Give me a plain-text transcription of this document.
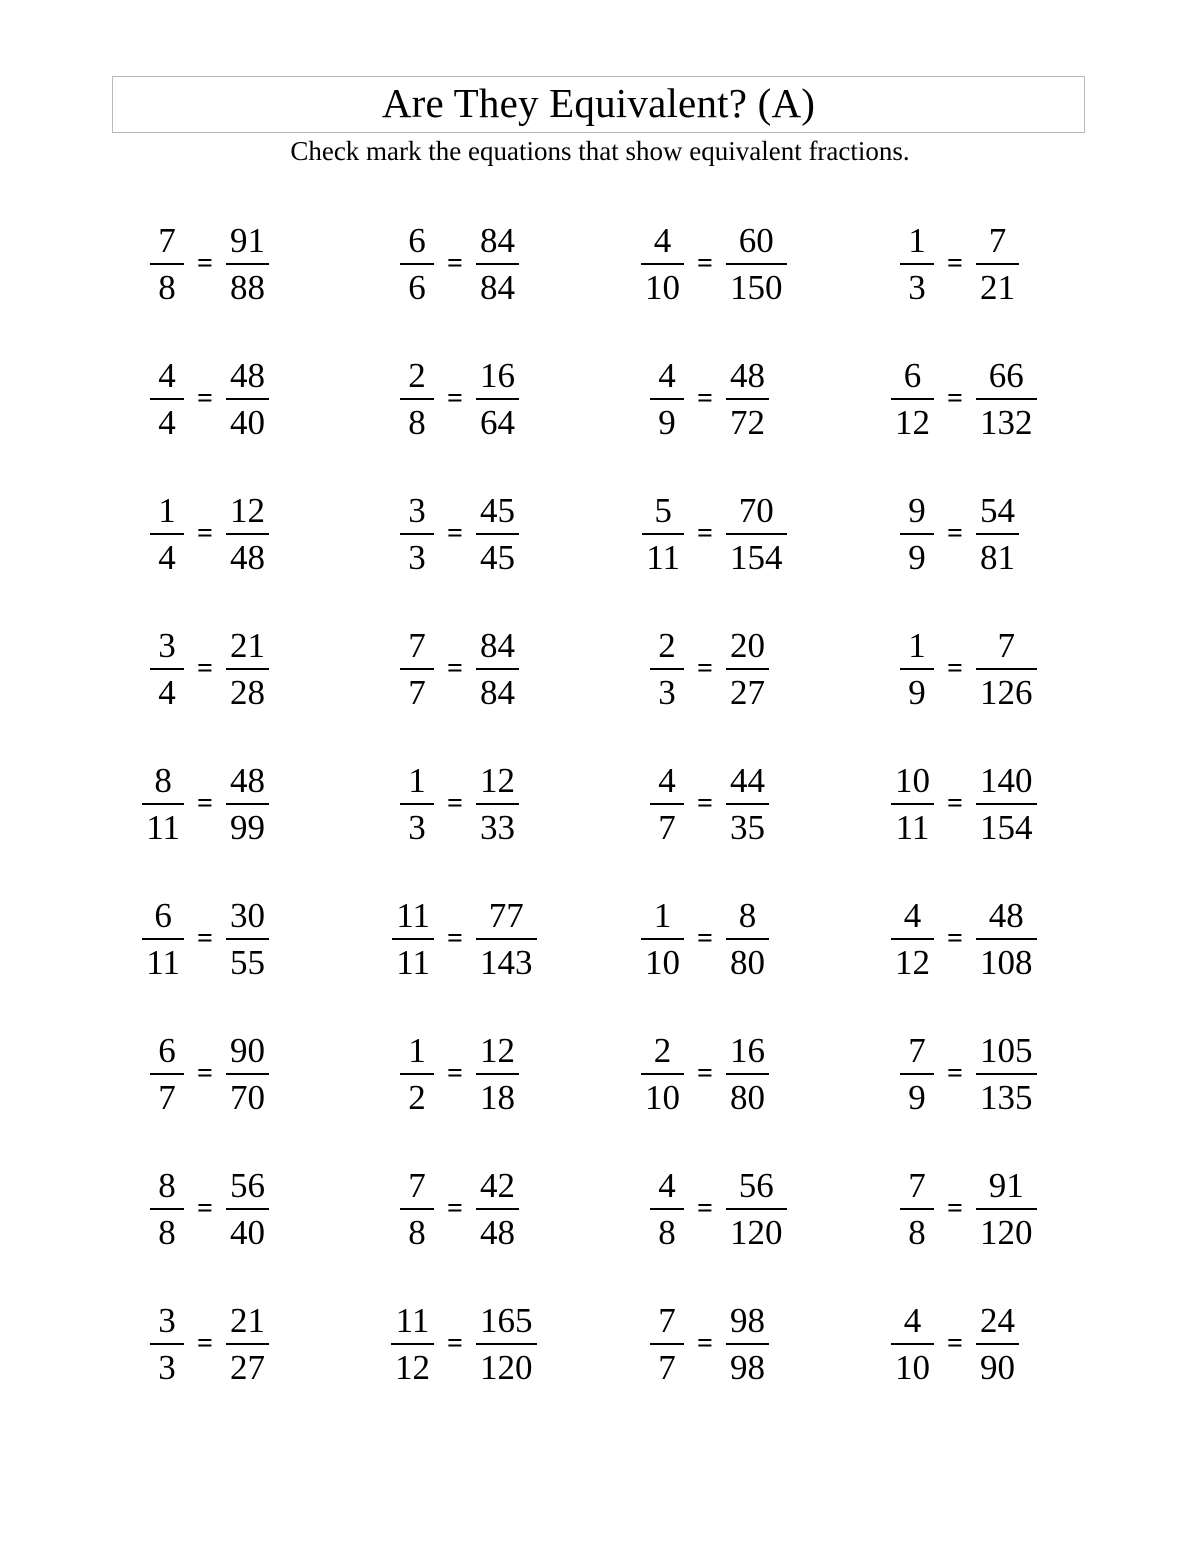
Are They Equivalent? (A)
Check mark the equations that show equivalent fractions.
$\frac{7}{8} = \frac{91}{88}$	$\frac{6}{6} = \frac{84}{84}$	$\frac{4}{10} = \frac{60}{150}$	$\frac{1}{3} = \frac{7}{21}$
$\frac{4}{4} = \frac{48}{40}$	$\frac{2}{8} = \frac{16}{64}$	$\frac{4}{9} = \frac{48}{72}$	$\frac{6}{12} = \frac{66}{132}$
$\frac{1}{4} = \frac{12}{48}$	$\frac{3}{3} = \frac{45}{45}$	$\frac{5}{11} = \frac{70}{154}$	$\frac{9}{9} = \frac{54}{81}$
$\frac{3}{4} = \frac{21}{28}$	$\frac{7}{7} = \frac{84}{84}$	$\frac{2}{3} = \frac{20}{27}$	$\frac{1}{9} = \frac{7}{126}$
$\frac{8}{11} = \frac{48}{99}$	$\frac{1}{3} = \frac{12}{33}$	$\frac{4}{7} = \frac{44}{35}$	$\frac{10}{11} = \frac{140}{154}$
$\frac{6}{11} = \frac{30}{55}$	$\frac{11}{11} = \frac{77}{143}$	$\frac{1}{10} = \frac{8}{80}$	$\frac{4}{12} = \frac{48}{108}$
$\frac{6}{7} = \frac{90}{70}$	$\frac{1}{2} = \frac{12}{18}$	$\frac{2}{10} = \frac{16}{80}$	$\frac{7}{9} = \frac{105}{135}$
$\frac{8}{8} = \frac{56}{40}$	$\frac{7}{8} = \frac{42}{48}$	$\frac{4}{8} = \frac{56}{120}$	$\frac{7}{8} = \frac{91}{120}$
$\frac{3}{3} = \frac{21}{27}$	$\frac{11}{12} = \frac{165}{120}$	$\frac{7}{7} = \frac{98}{98}$	$\frac{4}{10} = \frac{24}{90}$
